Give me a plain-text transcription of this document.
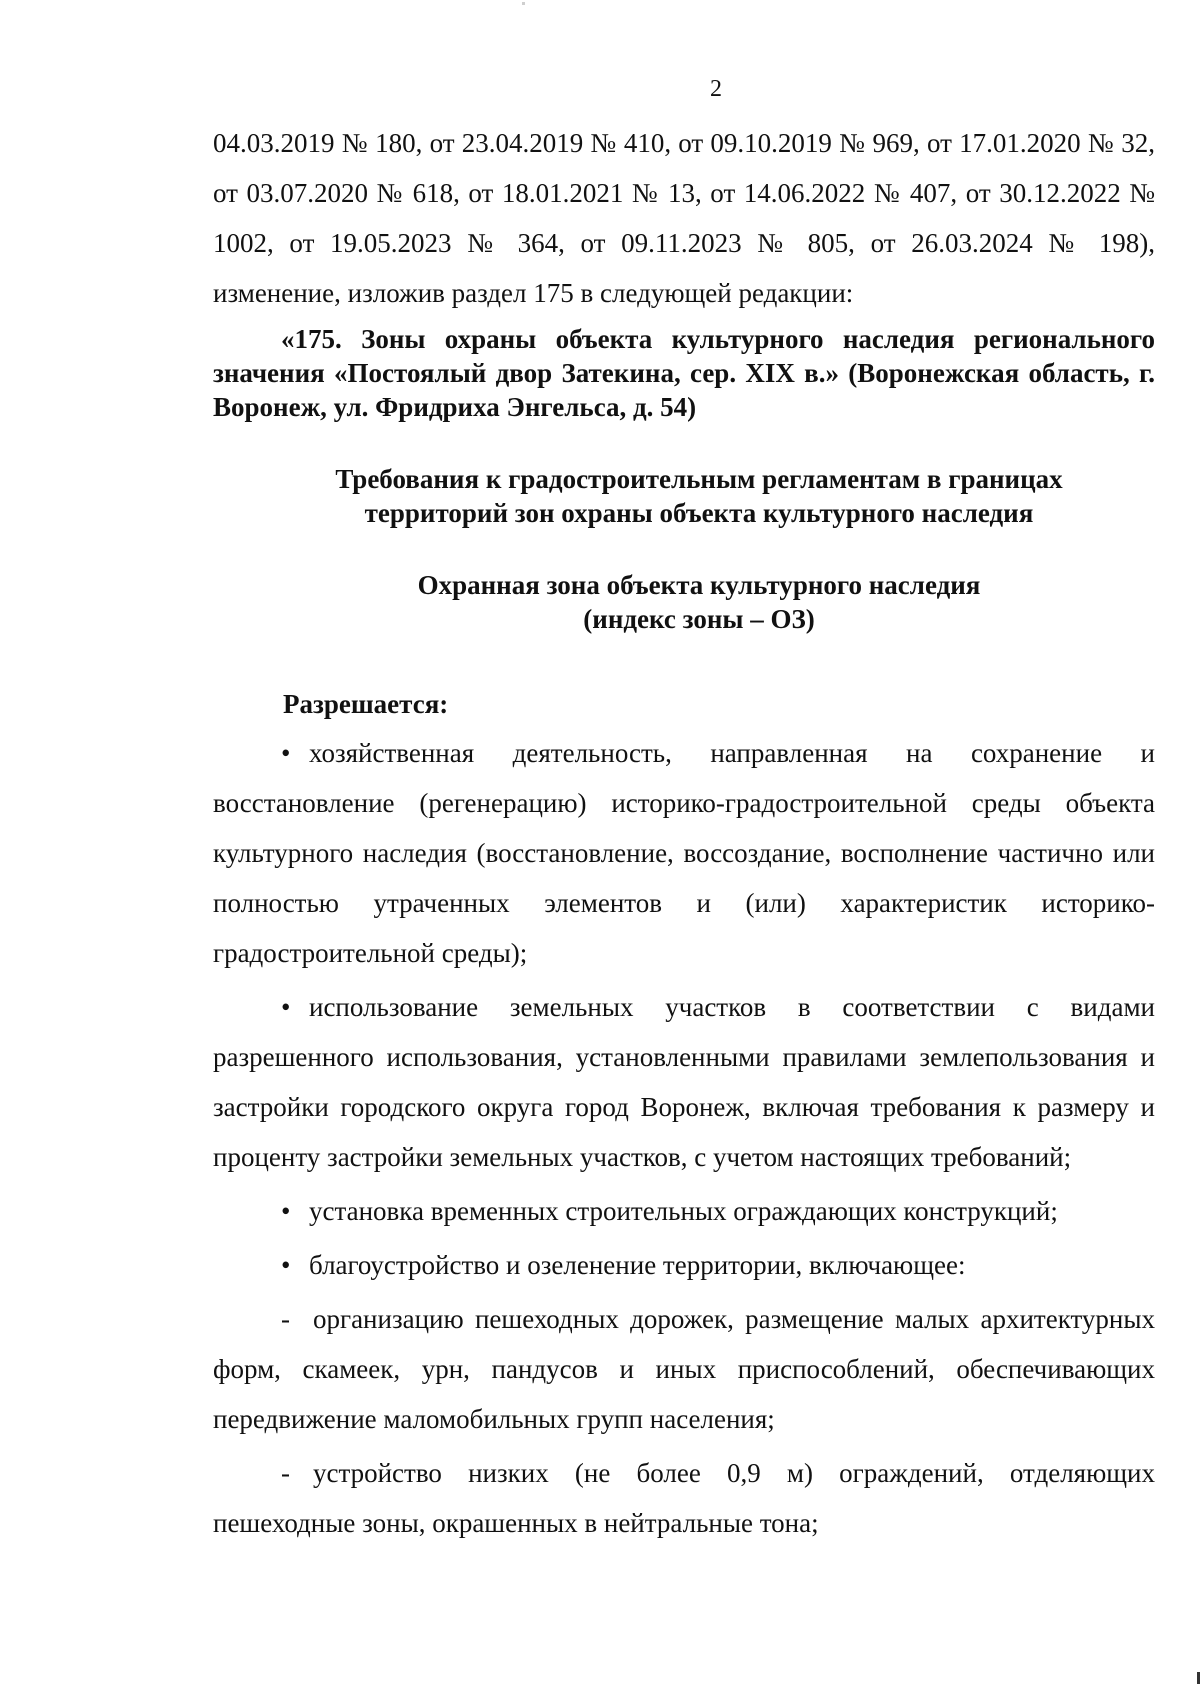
2

04.03.2019 № 180, от 23.04.2019 № 410, от 09.10.2019 № 969, от 17.01.2020 № 32, от 03.07.2020 № 618, от 18.01.2021 № 13, от 14.06.2022 № 407, от 30.12.2022 № 1002, от 19.05.2023 № 364, от 09.11.2023 № 805, от 26.03.2024 № 198), изменение, изложив раздел 175 в следующей редакции:

«175. Зоны охраны объекта культурного наследия регионального значения «Постоялый двор Затекина, сер. XIX в.» (Воронежская область, г. Воронеж, ул. Фридриха Энгельса, д. 54)

Требования к градостроительным регламентам в границах

территорий зон охраны объекта культурного наследия

Охранная зона объекта культурного наследия

(индекс зоны – ОЗ)

Разрешается:

• хозяйственная деятельность, направленная на сохранение и восстановление (регенерацию) историко-градостроительной среды объекта культурного наследия (восстановление, воссоздание, восполнение частично или полностью утраченных элементов и (или) характеристик историко-градостроительной среды);

• использование земельных участков в соответствии с видами разрешенного использования, установленными правилами землепользования и застройки городского округа город Воронеж, включая требования к размеру и проценту застройки земельных участков, с учетом настоящих требований;

• установка временных строительных ограждающих конструкций;

• благоустройство и озеленение территории, включающее:

- организацию пешеходных дорожек, размещение малых архитектурных форм, скамеек, урн, пандусов и иных приспособлений, обеспечивающих передвижение маломобильных групп населения;

- устройство низких (не более 0,9 м) ограждений, отделяющих пешеходные зоны, окрашенных в нейтральные тона;
